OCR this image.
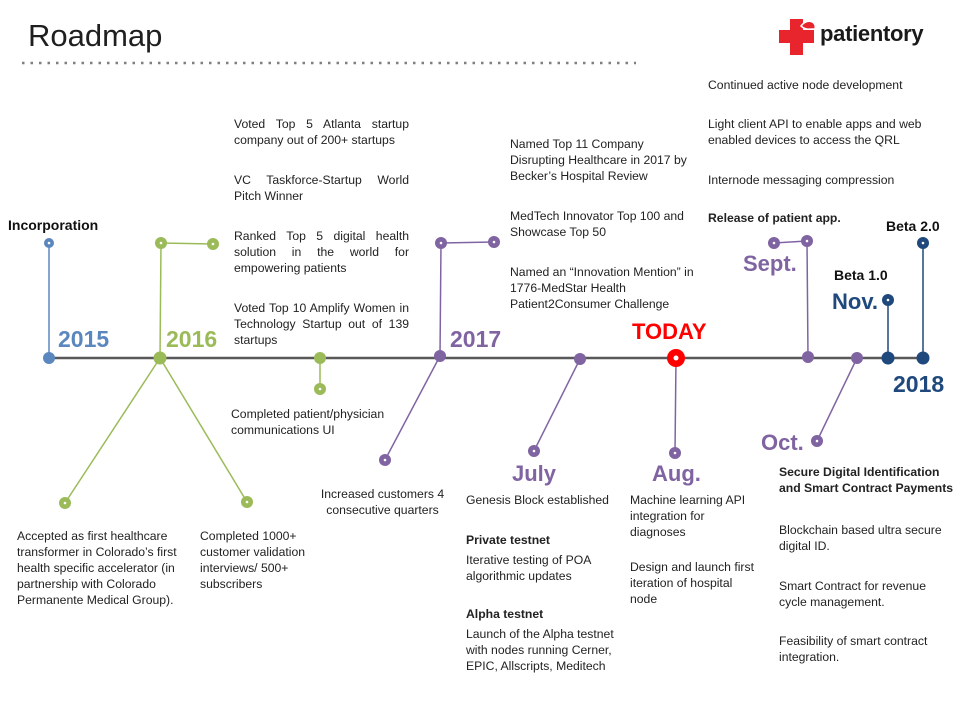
Roadmap	patientory
2015 2016	2017
2018
TODAY
July	Aug.
Sept.
Oct.
Nov.
Incorporation
Beta 1.0
Beta 2.0
Voted Top 5 Atlanta startup company out of 200+ startups
VC Taskforce-Startup World Pitch Winner
Ranked Top 5 digital health solution in the world for empowering patients
Voted Top 10 Amplify Women in Technology Startup out of 139 startups
Completed patient/physician communications UI
Accepted as first healthcare transformer in Colorado’s first health specific accelerator (in partnership with Colorado Permanente Medical Group).
Completed 1000+ customer validation interviews/ 500+ subscribers
Increased customers 4 consecutive quarters
Named Top 11 Company Disrupting Healthcare in 2017 by Becker’s Hospital Review
MedTech Innovator Top 100 and Showcase Top 50
Named an “Innovation Mention” in 1776-MedStar Health Patient2Consumer Challenge
Genesis Block established
Private testnet
Iterative testing of POA algorithmic updates
Alpha testnet
Launch of the Alpha testnet with nodes running Cerner, EPIC, Allscripts, Meditech
Machine learning API integration for diagnoses
Design and launch first iteration of hospital node
Continued active node development
Light client API to enable apps and web enabled devices to access the QRL
Internode messaging compression
Release of patient app.
Secure Digital Identification and Smart Contract Payments
Blockchain based ultra secure digital ID.
Smart Contract for revenue cycle management.
Feasibility of smart contract integration.
